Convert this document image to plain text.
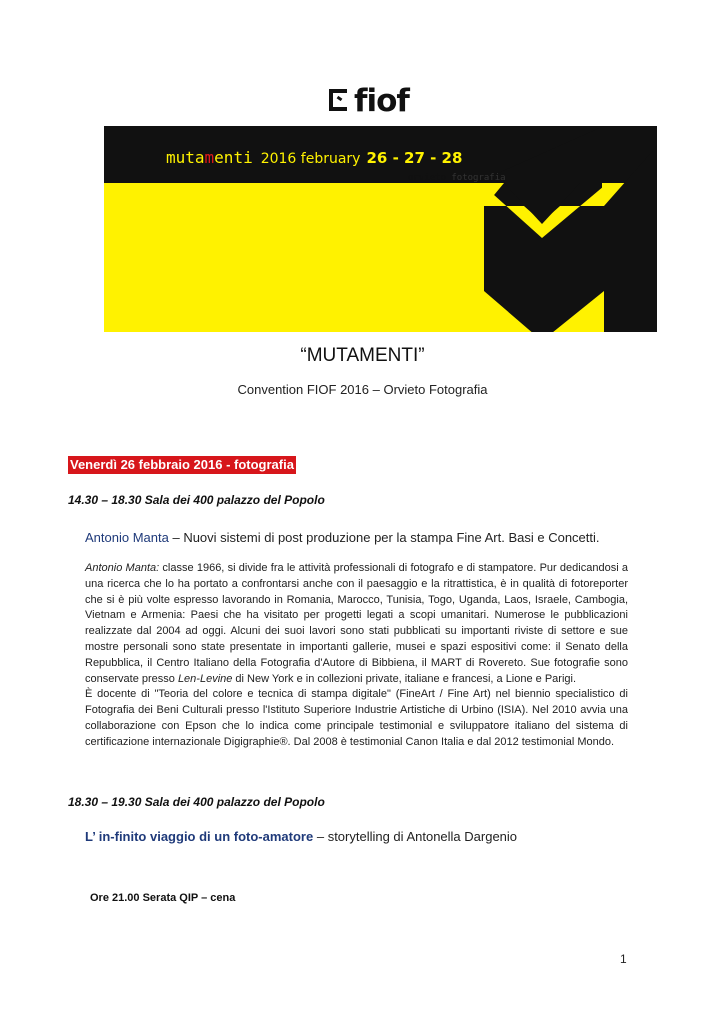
fiof
mutamenti 2016 february 26 - 27 - 28
orvieto fotografia
“MUTAMENTI”
Convention FIOF 2016 – Orvieto Fotografia
Venerdì 26 febbraio 2016 - fotografia
14.30 – 18.30 Sala dei 400 palazzo del Popolo
Antonio Manta – Nuovi sistemi di post produzione per la stampa Fine Art. Basi e Concetti.

Antonio Manta: classe 1966, si divide fra le attività professionali di fotografo e di stampatore. Pur dedicandosi a una ricerca che lo ha portato a confrontarsi anche con il paesaggio e la ritrattistica, è in qualità di fotoreporter che si è più volte espresso lavorando in Romania, Marocco, Tunisia, Togo, Uganda, Laos, Israele, Cambogia, Vietnam e Armenia: Paesi che ha visitato per progetti legati a scopi umanitari. Numerose le pubblicazioni realizzate dal 2004 ad oggi. Alcuni dei suoi lavori sono stati pubblicati su importanti riviste di settore e sue mostre personali sono state presentate in importanti gallerie, musei e spazi espositivi come: il Senato della Repubblica, il Centro Italiano della Fotografia d'Autore di Bibbiena, il MART di Rovereto. Sue fotografie sono conservate presso Len-Levine di New York e in collezioni private, italiane e francesi, a Lione e Parigi.

È docente di "Teoria del colore e tecnica di stampa digitale" (FineArt / Fine Art) nel biennio specialistico di Fotografia dei Beni Culturali presso l'Istituto Superiore Industrie Artistiche di Urbino (ISIA). Nel 2010 avvia una collaborazione con Epson che lo indica come principale testimonial e sviluppatore italiano del sistema di certificazione internazionale Digigraphie®. Dal 2008 è testimonial Canon Italia e dal 2012 testimonial Mondo.

18.30 – 19.30 Sala dei 400 palazzo del Popolo
L’ in-finito viaggio di un foto-amatore – storytelling di Antonella Dargenio
Ore 21.00 Serata QIP – cena
1
